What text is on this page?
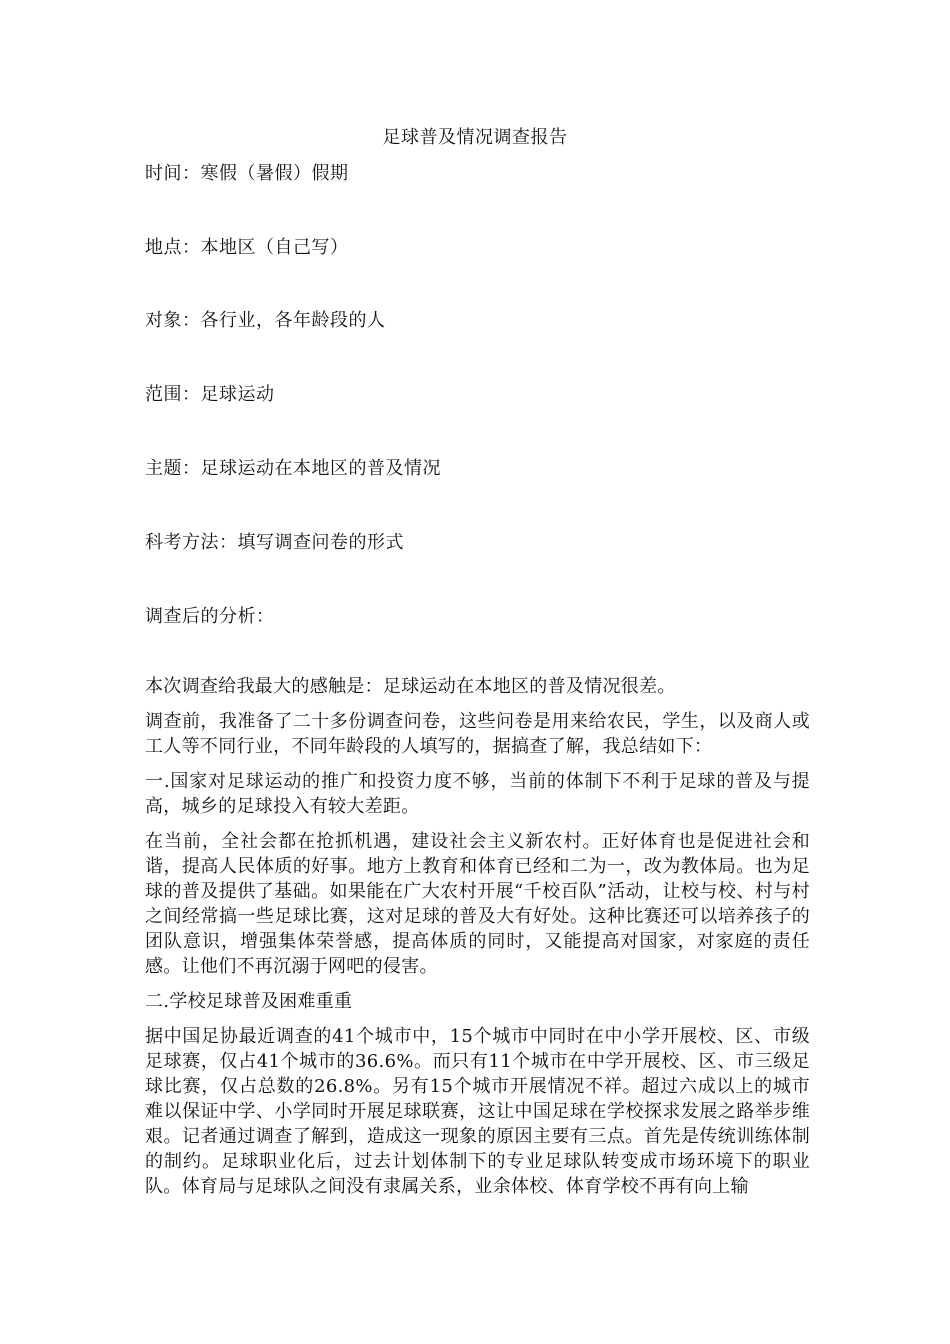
足球普及情况调查报告
时间：寒假（暑假）假期
地点：本地区（自己写）
对象：各行业，各年龄段的人
范围：足球运动
主题：足球运动在本地区的普及情况
科考方法：填写调查问卷的形式
调查后的分析：

本次调查给我最大的感触是：足球运动在本地区的普及情况很差。

调查前，我准备了二十多份调查问卷，这些问卷是用来给农民，学生，以及商人或工人等不同行业，不同年龄段的人填写的，据搞查了解，我总结如下：

一.国家对足球运动的推广和投资力度不够，当前的体制下不利于足球的普及与提高，城乡的足球投入有较大差距。

在当前，全社会都在抢抓机遇，建设社会主义新农村。正好体育也是促进社会和谐，提高人民体质的好事。地方上教育和体育已经和二为一，改为教体局。也为足球的普及提供了基础。如果能在广大农村开展“千校百队”活动，让校与校、村与村之间经常搞一些足球比赛，这对足球的普及大有好处。这种比赛还可以培养孩子的团队意识，增强集体荣誉感，提高体质的同时，又能提高对国家，对家庭的责任感。让他们不再沉溺于网吧的侵害。

二.学校足球普及困难重重

据中国足协最近调查的41个城市中，15个城市中同时在中小学开展校、区、市级足球赛，仅占41个城市的36.6%。而只有11个城市在中学开展校、区、市三级足球比赛，仅占总数的26.8%。另有15个城市开展情况不祥。超过六成以上的城市难以保证中学、小学同时开展足球联赛，这让中国足球在学校探求发展之路举步维艰。记者通过调查了解到，造成这一现象的原因主要有三点。首先是传统训练体制的制约。足球职业化后，过去计划体制下的专业足球队转变成市场环境下的职业队。体育局与足球队之间没有隶属关系，业余体校、体育学校不再有向上输
